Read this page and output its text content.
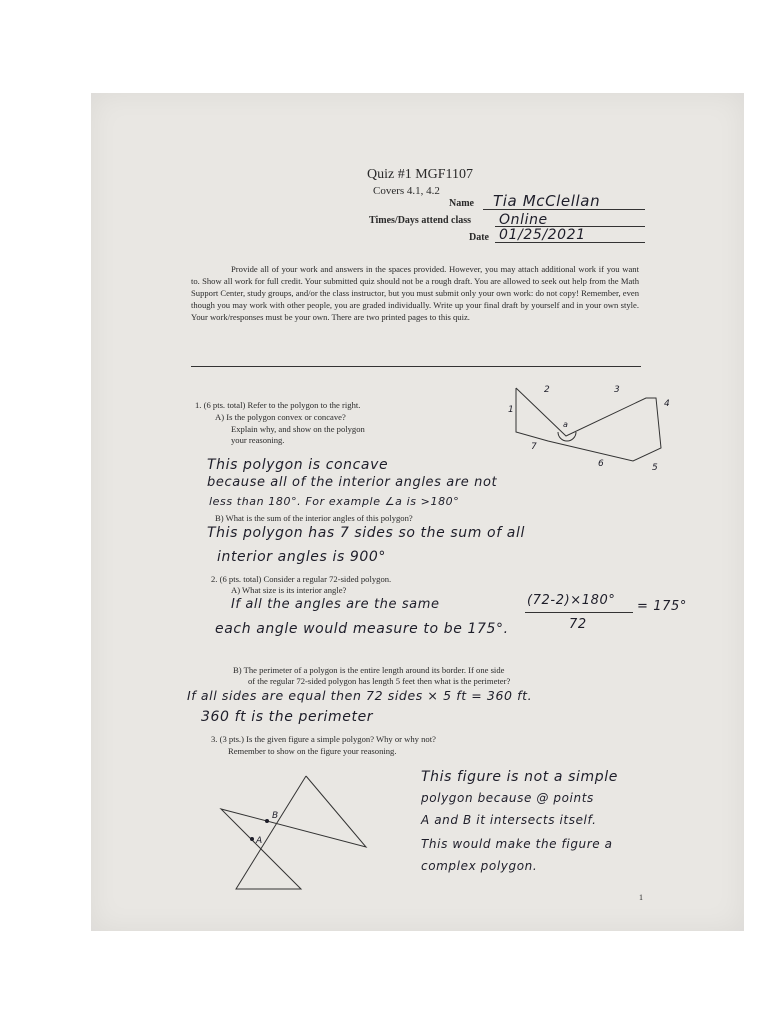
Quiz #1 MGF1107
Covers 4.1, 4.2
Name Tia McClellan
Times/Days attend class Online
Date 01/25/2021
Provide all of your work and answers in the spaces provided. However, you may attach additional work if you want to. Show all work for full credit. Your submitted quiz should not be a rough draft. You are allowed to seek out help from the Math Support Center, study groups, and/or the class instructor, but you must submit only your own work: do not copy! Remember, even though you may work with other people, you are graded individually. Write up your final draft by yourself and in your own style. Your work/responses must be your own. There are two printed pages to this quiz.
1. (6 pts. total) Refer to the polygon to the right.
A) Is the polygon convex or concave?
Explain why, and show on the polygon
your reasoning.
a
1
2	3
4
5
6
7
This polygon is concave
because all of the interior angles are not
less than 180°. For example ∠a is >180°
B) What is the sum of the interior angles of this polygon?
This polygon has 7 sides so the sum of all
interior angles is 900°
2. (6 pts. total) Consider a regular 72-sided polygon.
A) What size is its interior angle?
If all the angles are the same	(72-2)×180°
72
= 175°
each angle would measure to be 175°.
B) The perimeter of a polygon is the entire length around its border. If one side
of the regular 72-sided polygon has length 5 feet then what is the perimeter?
If all sides are equal then 72 sides × 5 ft = 360 ft.
360 ft is the perimeter
3. (3 pts.) Is the given figure a simple polygon? Why or why not?
Remember to show on the figure your reasoning.
B
A
This figure is not a simple
polygon because @ points
A and B it intersects itself.
This would make the figure a
complex polygon.
1
